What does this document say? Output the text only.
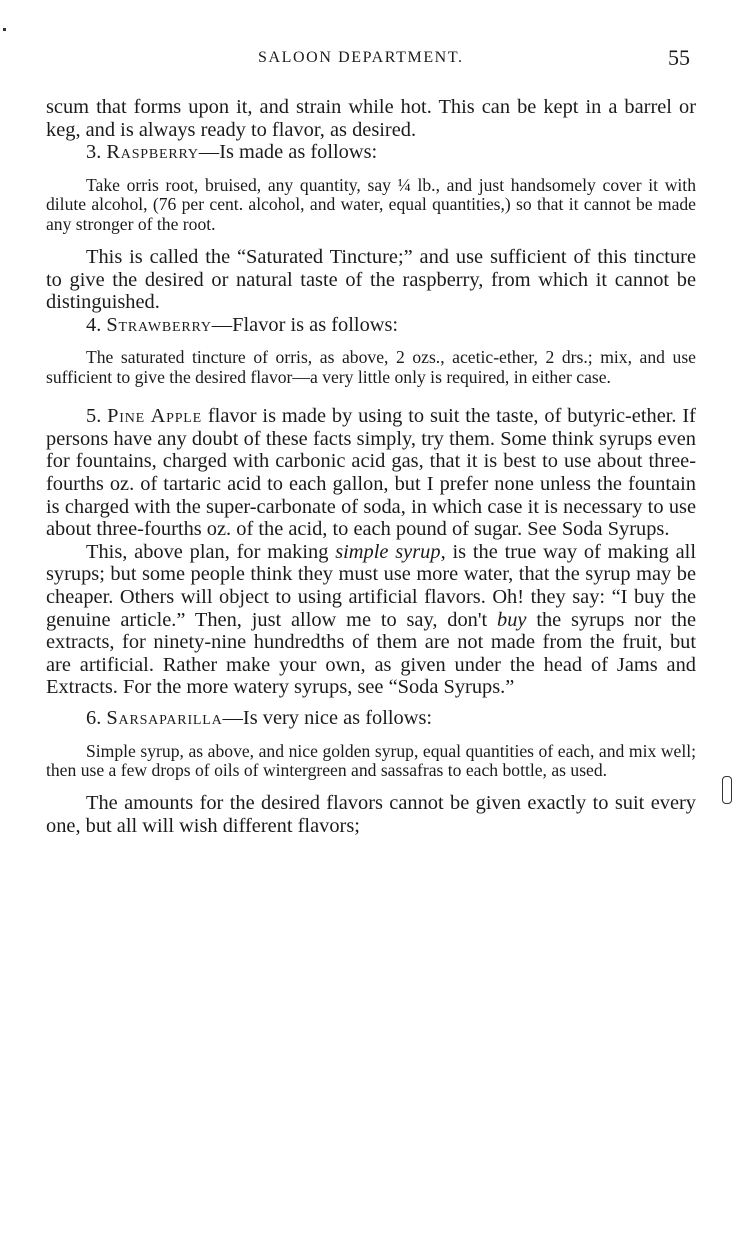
SALOON DEPARTMENT.	55

scum that forms upon it, and strain while hot. This can be kept in a barrel or keg, and is always ready to flavor, as desired.

3. Raspberry—Is made as follows:

Take orris root, bruised, any quantity, say ¼ lb., and just handsomely cover it with dilute alcohol, (76 per cent. alcohol, and water, equal quantities,) so that it cannot be made any stronger of the root.

This is called the “Saturated Tincture;” and use sufficient of this tincture to give the desired or natural taste of the raspberry, from which it cannot be distinguished.

4. Strawberry—Flavor is as follows:

The saturated tincture of orris, as above, 2 ozs., acetic-ether, 2 drs.; mix, and use sufficient to give the desired flavor—a very little only is required, in either case.

5. Pine Apple flavor is made by using to suit the taste, of butyric-ether. If persons have any doubt of these facts simply, try them. Some think syrups even for fountains, charged with carbonic acid gas, that it is best to use about three-fourths oz. of tartaric acid to each gallon, but I prefer none unless the fountain is charged with the super-carbonate of soda, in which case it is necessary to use about three-fourths oz. of the acid, to each pound of sugar. See Soda Syrups.

This, above plan, for making simple syrup, is the true way of making all syrups; but some people think they must use more water, that the syrup may be cheaper. Others will object to using artificial flavors. Oh! they say: “I buy the genuine article.” Then, just allow me to say, don't buy the syrups nor the extracts, for ninety-nine hundredths of them are not made from the fruit, but are artificial. Rather make your own, as given under the head of Jams and Extracts. For the more watery syrups, see “Soda Syrups.”

6. Sarsaparilla—Is very nice as follows:

Simple syrup, as above, and nice golden syrup, equal quantities of each, and mix well; then use a few drops of oils of wintergreen and sassafras to each bottle, as used.

The amounts for the desired flavors cannot be given exactly to suit every one, but all will wish different flavors;
